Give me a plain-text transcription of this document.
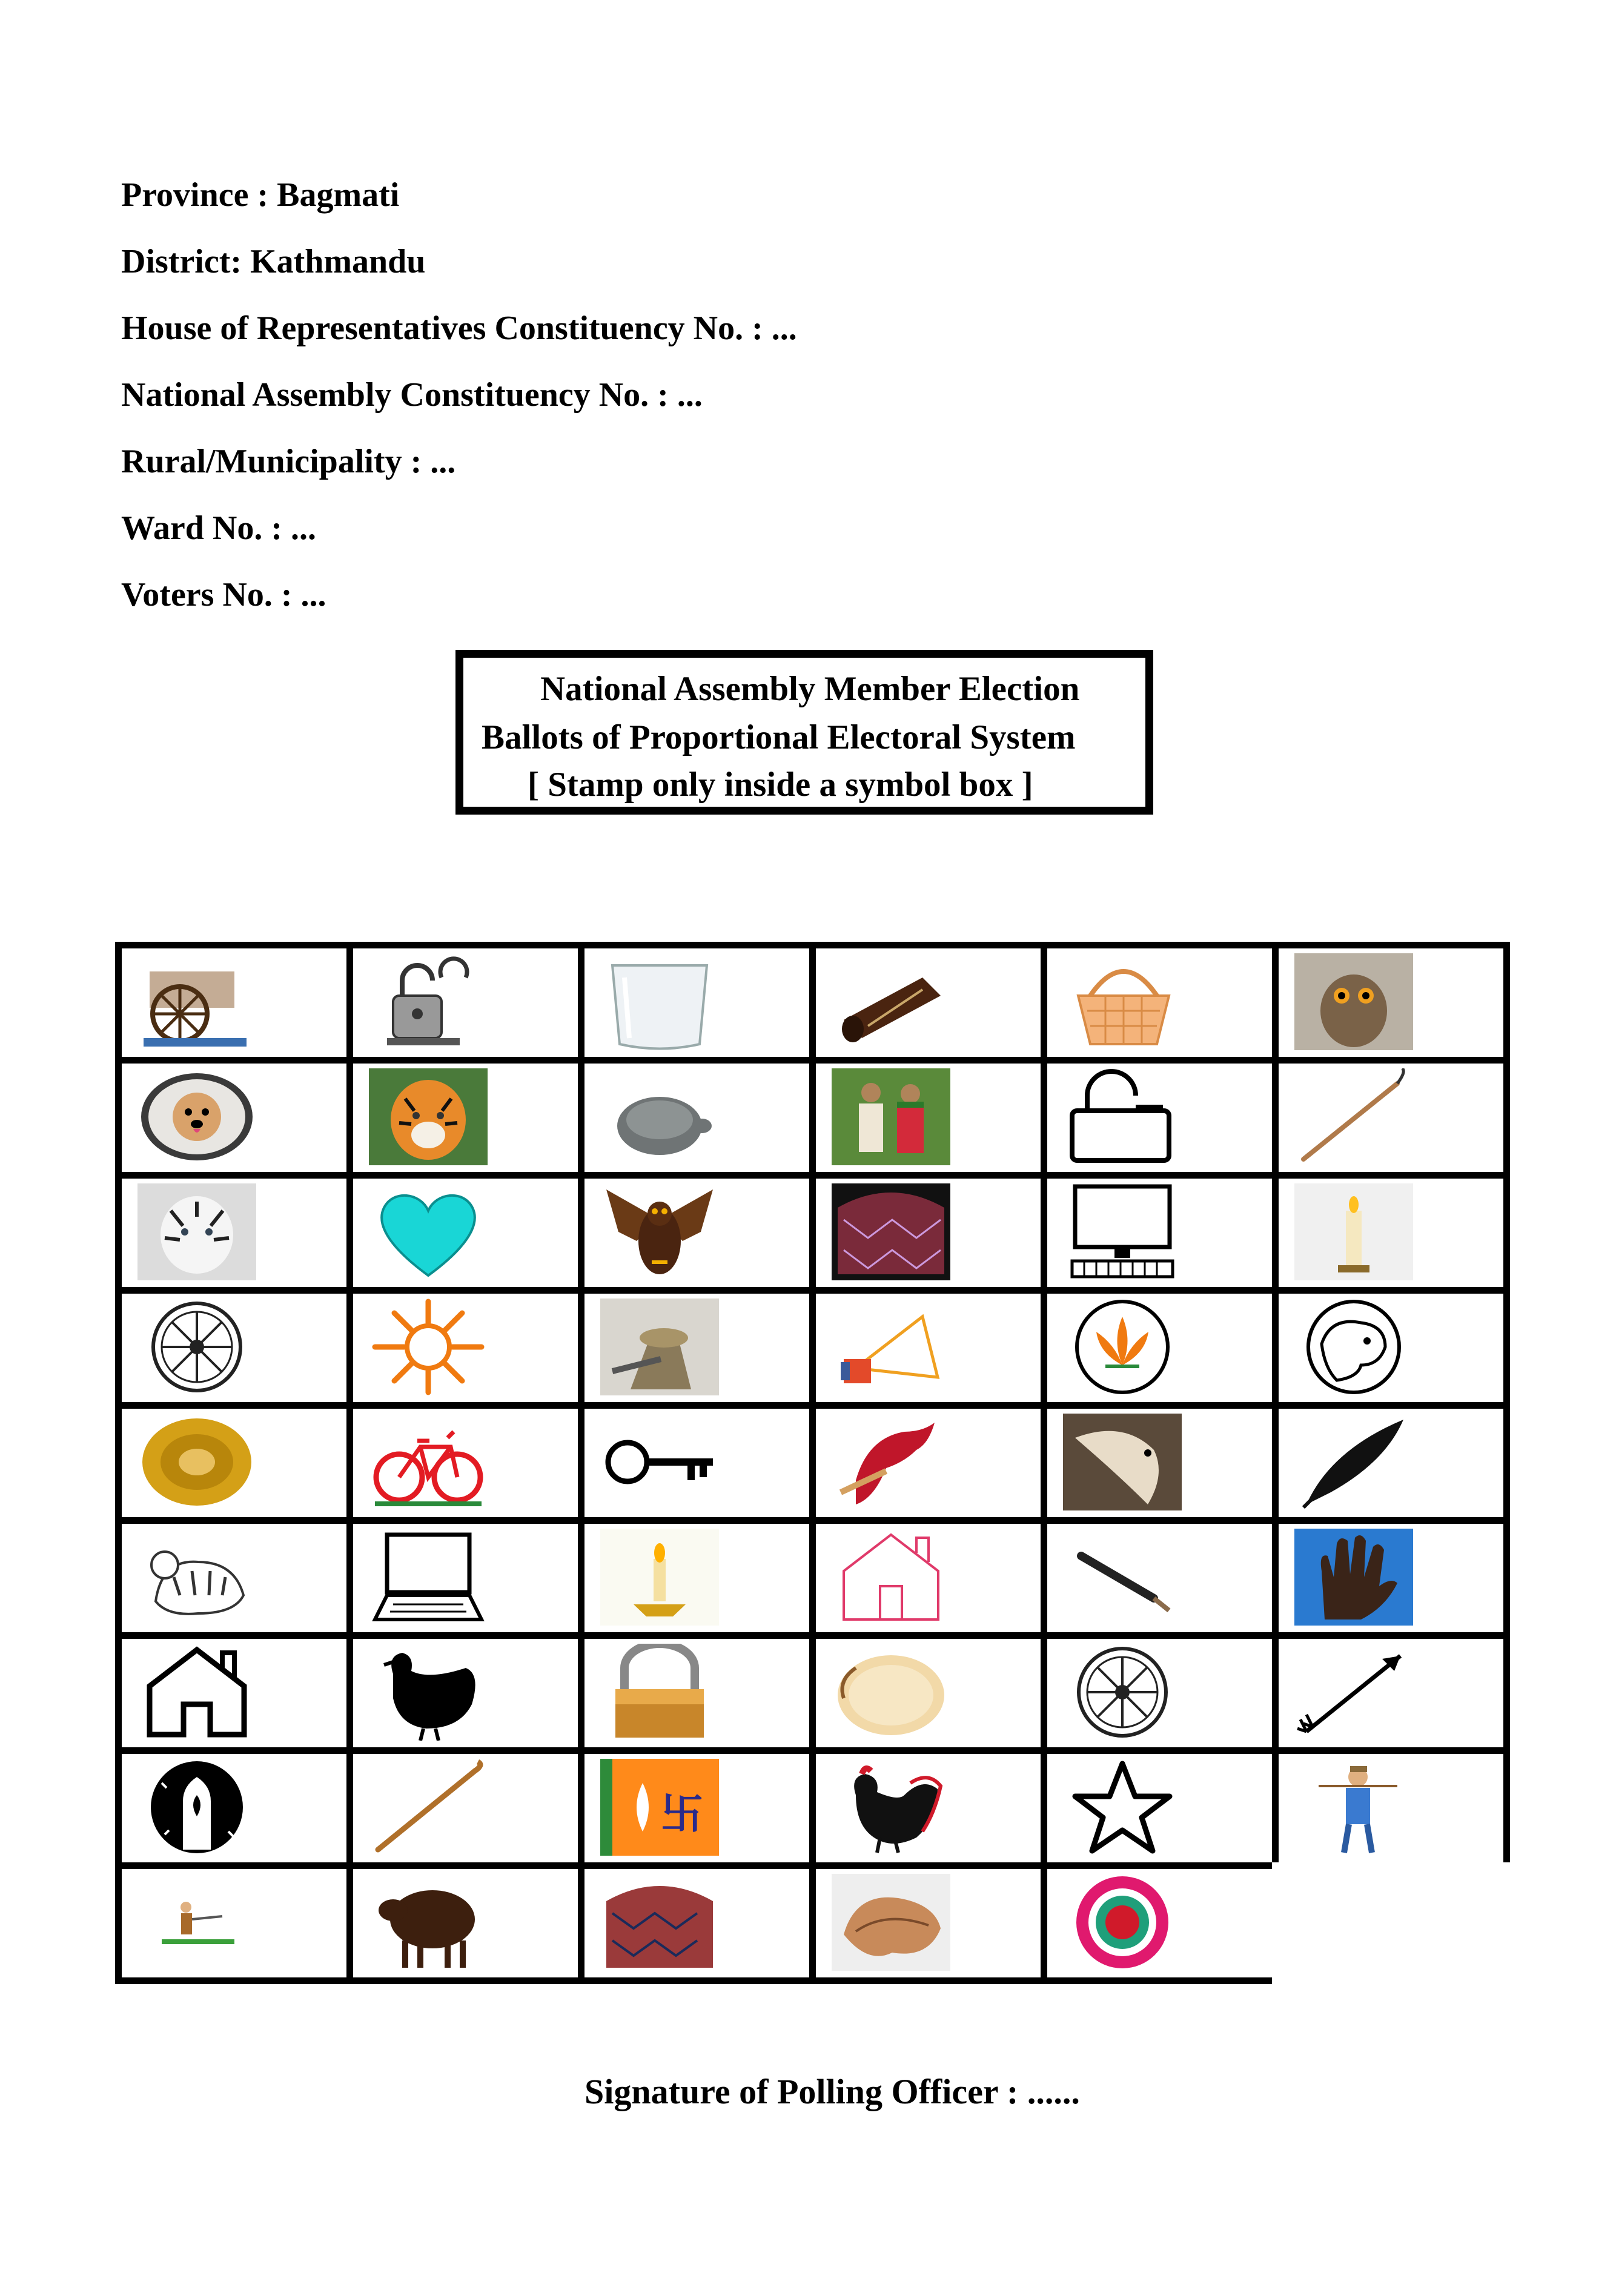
Province : Bagmati
District: Kathmandu
House of Representatives Constituency No. : ...
National Assembly Constituency No. : ...
Rural/Municipality : ...
Ward No. : ...
Voters No. : ...
National Assembly Member Election
Ballots of Proportional Electoral System
[ Stamp only inside a symbol box ]
卐
Signature of Polling Officer : ......
